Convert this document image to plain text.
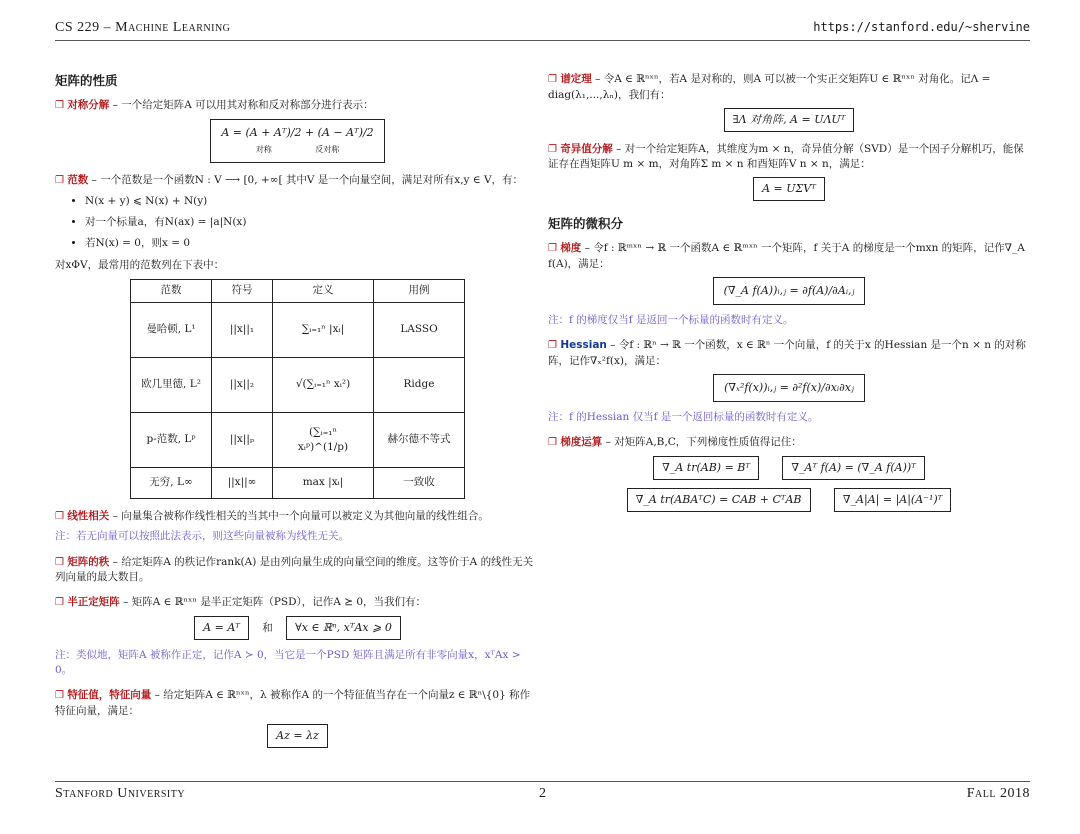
CS 229 – Machine Learning	https://stanford.edu/~shervine
矩阵的性质

❐ 对称分解 – 一个给定矩阵A 可以用其对称和反对称部分进行表示：

A = (A + Aᵀ)/2 + (A − Aᵀ)/2
对称	反对称

❐ 范数 – 一个范数是一个函数N : V ⟶ [0, +∞[ 其中V 是一个向量空间，满足对所有x,y ∈ V，有：

• N(x + y) ⩽ N(x) + N(y)
• 对一个标量a，有N(ax) = |a|N(x)
• 若N(x) = 0，则x = 0

对xΦV，最常用的范数列在下表中：

范数	符号	定义	用例
曼哈顿, L¹	||x||₁	∑ᵢ₌₁ⁿ |xᵢ|	LASSO
欧几里德, L²	||x||₂	√(∑ᵢ₌₁ⁿ xᵢ²)	Ridge
p-范数, Lᵖ	||x||ₚ	(∑ᵢ₌₁ⁿ xᵢᵖ)^(1/p)	赫尔德不等式
无穷, L∞	||x||∞	max |xᵢ|	一致收

❐ 线性相关 – 向量集合被称作线性相关的当其中一个向量可以被定义为其他向量的线性组合。

注：若无向量可以按照此法表示，则这些向量被称为线性无关。

❐ 矩阵的秩 – 给定矩阵A 的秩记作rank(A) 是由列向量生成的向量空间的维度。这等价于A 的线性无关列向量的最大数目。

❐ 半正定矩阵 – 矩阵A ∈ ℝⁿˣⁿ 是半正定矩阵（PSD），记作A ⪰ 0，当我们有：

A = Aᵀ 和 ∀x ∈ ℝⁿ, xᵀAx ⩾ 0

注：类似地，矩阵A 被称作正定，记作A ≻ 0，当它是一个PSD 矩阵且满足所有非零向量x，xᵀAx > 0。

❐ 特征值，特征向量 – 给定矩阵A ∈ ℝⁿˣⁿ，λ 被称作A 的一个特征值当存在一个向量z ∈ ℝⁿ\{0} 称作特征向量，满足：

Az = λz

❐ 谱定理 – 令A ∈ ℝⁿˣⁿ，若A 是对称的，则A 可以被一个实正交矩阵U ∈ ℝⁿˣⁿ 对角化。记Λ = diag(λ₁,...,λₙ)，我们有：

∃Λ 对角阵, A = UΛUᵀ

❐ 奇异值分解 – 对一个给定矩阵A，其维度为m × n，奇异值分解（SVD）是一个因子分解机巧，能保证存在酉矩阵U m × m，对角阵Σ m × n 和酉矩阵V n × n，满足：

A = UΣVᵀ
矩阵的微积分

❐ 梯度 – 令f : ℝᵐˣⁿ → ℝ 一个函数A ∈ ℝᵐˣⁿ 一个矩阵，f 关于A 的梯度是一个mxn 的矩阵，记作∇_A f(A)，满足：

(∇_A f(A))ᵢ,ⱼ = ∂f(A)/∂Aᵢ,ⱼ

注：f 的梯度仅当f 是返回一个标量的函数时有定义。

❐ Hessian – 令f : ℝⁿ → ℝ 一个函数，x ∈ ℝⁿ 一个向量，f 的关于x 的Hessian 是一个n × n 的对称阵，记作∇ₓ²f(x)，满足：

(∇ₓ²f(x))ᵢ,ⱼ = ∂²f(x)/∂xᵢ∂xⱼ

注：f 的Hessian 仅当f 是一个返回标量的函数时有定义。

❐ 梯度运算 – 对矩阵A,B,C，下列梯度性质值得记住：

∇_A tr(AB) = Bᵀ	∇_Aᵀ f(A) = (∇_A f(A))ᵀ
∇_A tr(ABAᵀC) = CAB + CᵀAB	∇_A|A| = |A|(A⁻¹)ᵀ
Stanford University	2	Fall 2018
